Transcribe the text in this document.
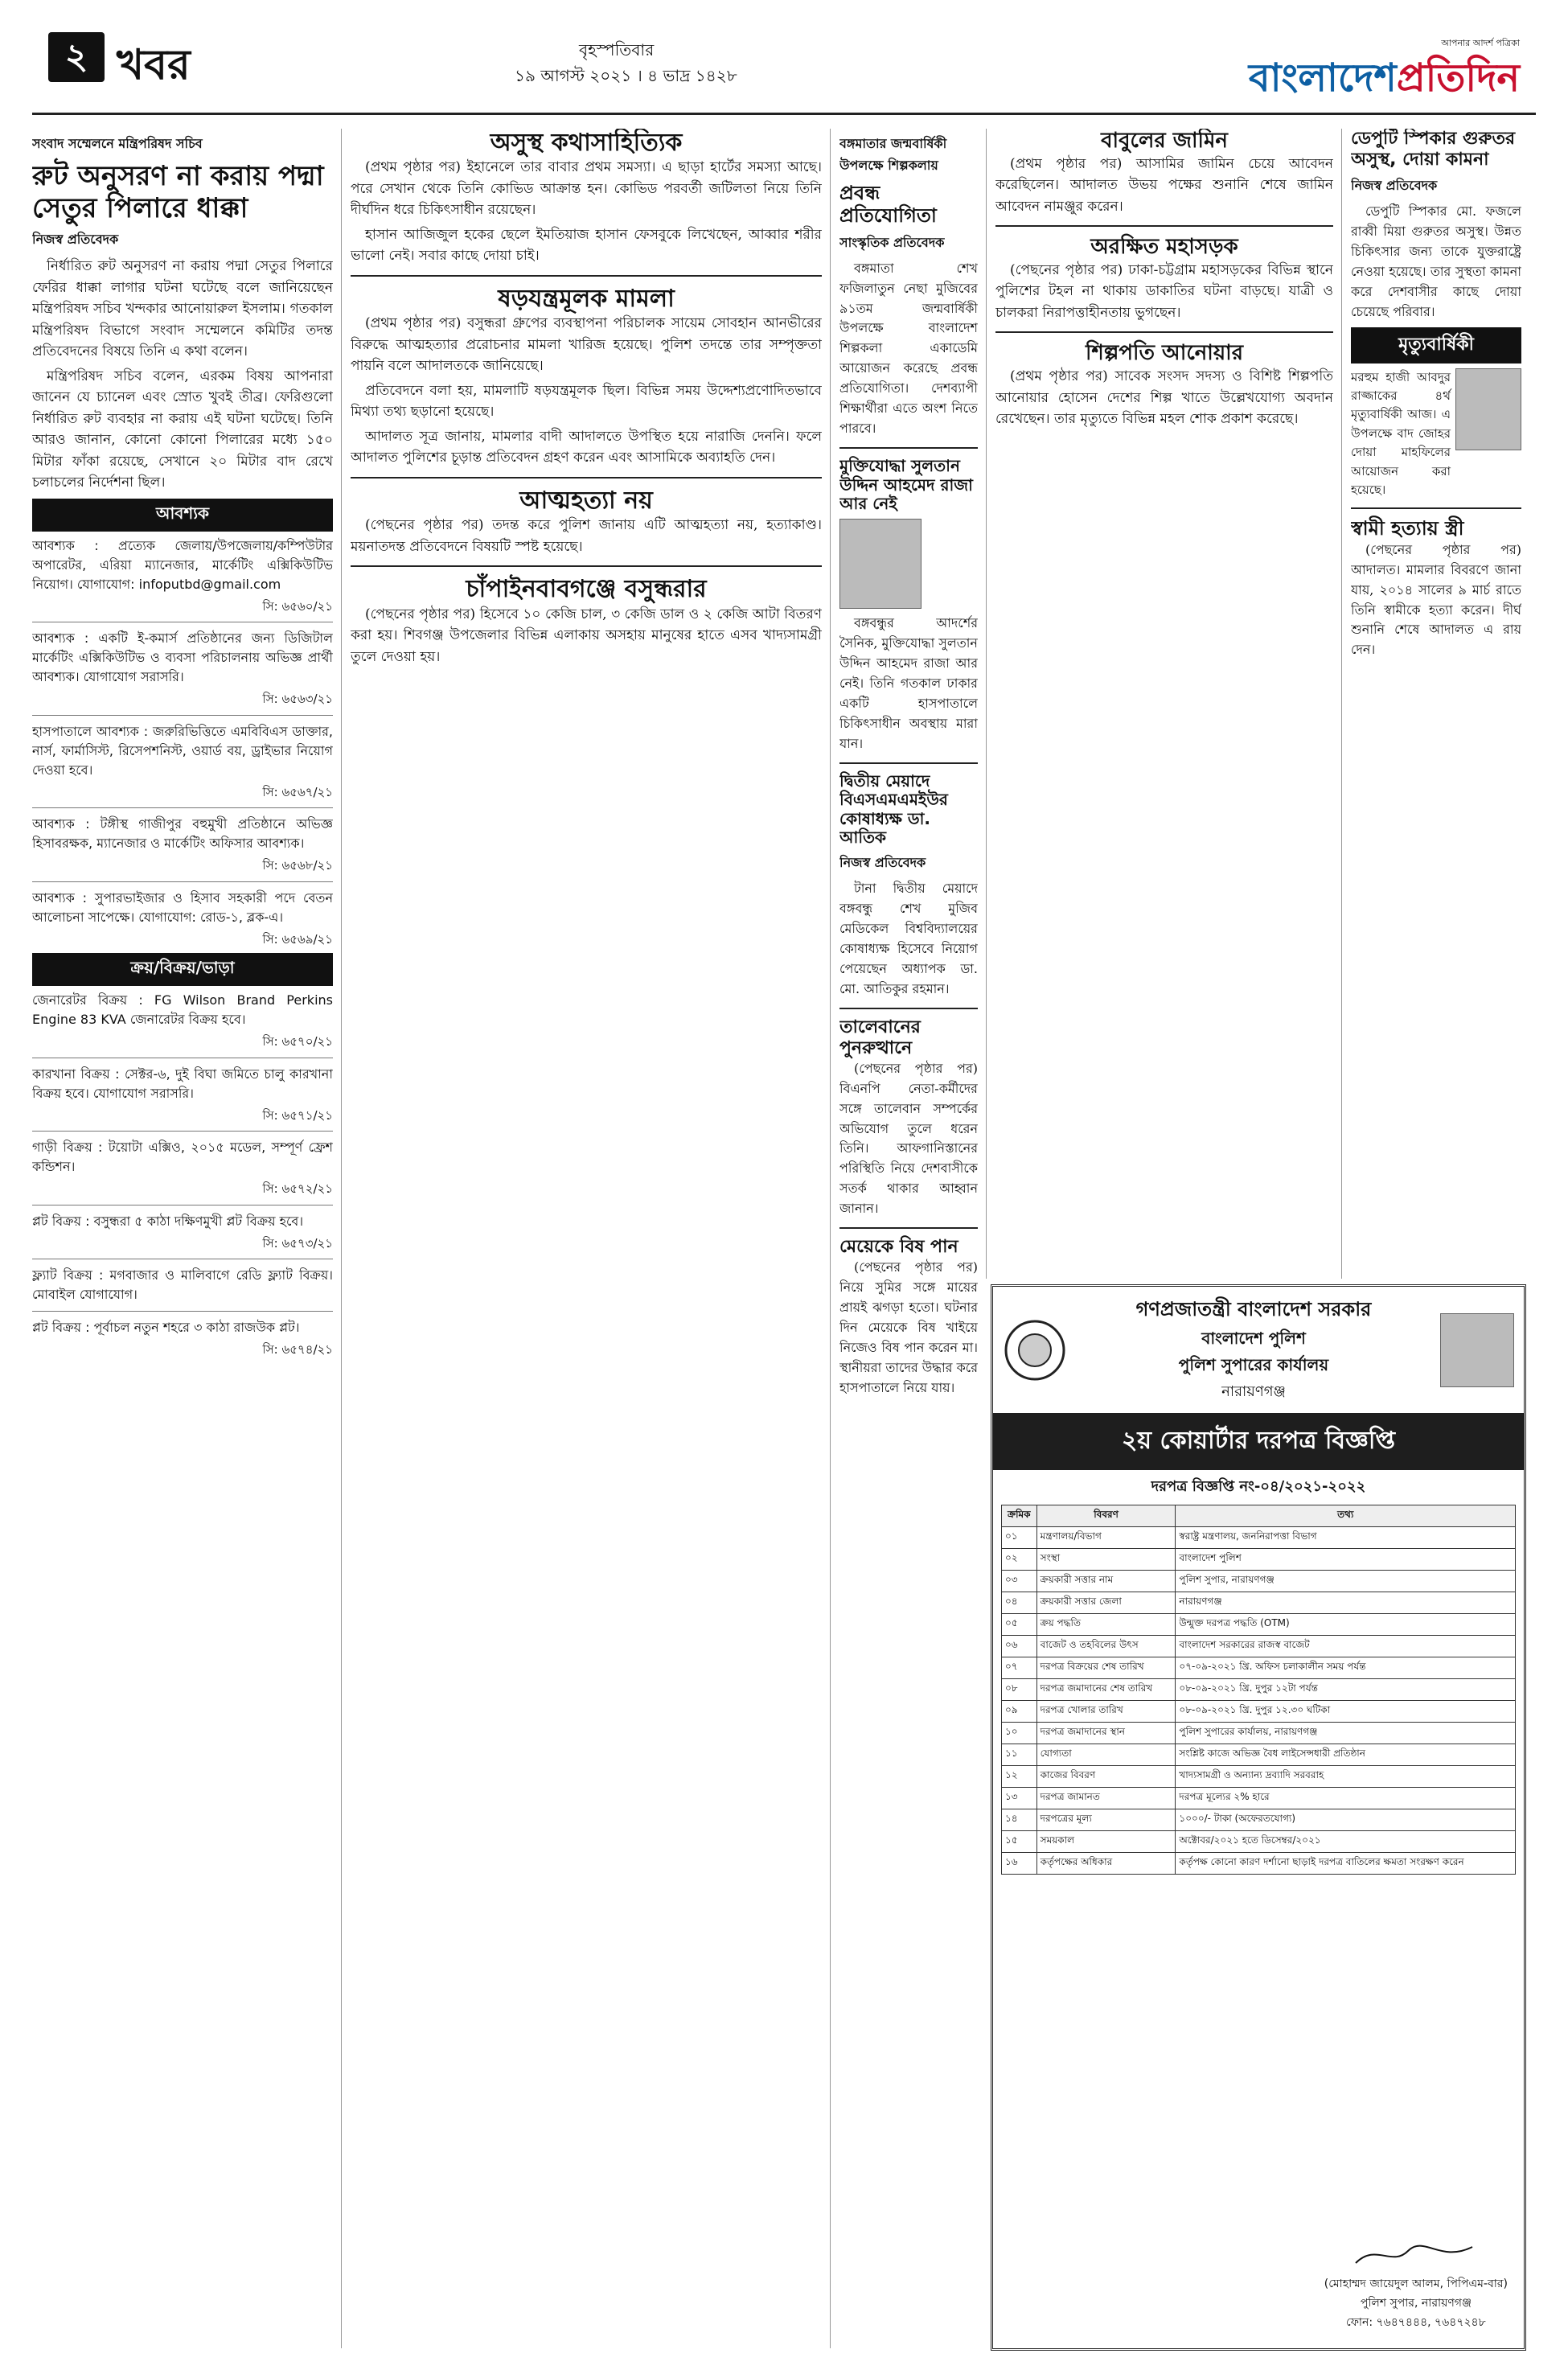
২ খবর	বৃহস্পতিবার
১৯ আগস্ট ২০২১ । ৪ ভাদ্র ১৪২৮
আপনার আদর্শ পত্রিকা
বাংলাদেশপ্রতিদিন
সংবাদ সম্মেলনে মন্ত্রিপরিষদ সচিব
রুট অনুসরণ না করায় পদ্মা সেতুর পিলারে ধাক্কা
নিজস্ব প্রতিবেদক

নির্ধারিত রুট অনুসরণ না করায় পদ্মা সেতুর পিলারে ফেরির ধাক্কা লাগার ঘটনা ঘটেছে বলে জানিয়েছেন মন্ত্রিপরিষদ সচিব খন্দকার আনোয়ারুল ইসলাম। গতকাল মন্ত্রিপরিষদ বিভাগে সংবাদ সম্মেলনে কমিটির তদন্ত প্রতিবেদনের বিষয়ে তিনি এ কথা বলেন।

মন্ত্রিপরিষদ সচিব বলেন, এরকম বিষয় আপনারা জানেন যে চ্যানেল এবং স্রোত খুবই তীব্র। ফেরিগুলো নির্ধারিত রুট ব্যবহার না করায় এই ঘটনা ঘটেছে। তিনি আরও জানান, কোনো কোনো পিলারের মধ্যে ১৫০ মিটার ফাঁকা রয়েছে, সেখানে ২০ মিটার বাদ রেখে চলাচলের নির্দেশনা ছিল।

আবশ্যক
আবশ্যক : প্রত্যেক জেলায়/উপজেলায়/কম্পিউটার অপারেটর, এরিয়া ম্যানেজার, মার্কেটিং এক্সিকিউটিভ নিয়োগ। যোগাযোগ: infoputbd@gmail.com
সি: ৬৫৬০/২১
আবশ্যক : একটি ই-কমার্স প্রতিষ্ঠানের জন্য ডিজিটাল মার্কেটিং এক্সিকিউটিভ ও ব্যবসা পরিচালনায় অভিজ্ঞ প্রার্থী আবশ্যক। যোগাযোগ সরাসরি।
সি: ৬৫৬৩/২১
হাসপাতালে আবশ্যক : জরুরিভিত্তিতে এমবিবিএস ডাক্তার, নার্স, ফার্মাসিস্ট, রিসেপশনিস্ট, ওয়ার্ড বয়, ড্রাইভার নিয়োগ দেওয়া হবে।
সি: ৬৫৬৭/২১
আবশ্যক : টঙ্গীস্থ গাজীপুর বহুমুখী প্রতিষ্ঠানে অভিজ্ঞ হিসাবরক্ষক, ম্যানেজার ও মার্কেটিং অফিসার আবশ্যক।
সি: ৬৫৬৮/২১
আবশ্যক : সুপারভাইজার ও হিসাব সহকারী পদে বেতন আলোচনা সাপেক্ষে। যোগাযোগ: রোড-১, ব্লক-এ।
সি: ৬৫৬৯/২১
ক্রয়/বিক্রয়/ভাড়া
জেনারেটর বিক্রয় : FG Wilson Brand Perkins Engine 83 KVA জেনারেটর বিক্রয় হবে।
সি: ৬৫৭০/২১
কারখানা বিক্রয় : সেক্টর-৬, দুই বিঘা জমিতে চালু কারখানা বিক্রয় হবে। যোগাযোগ সরাসরি।
সি: ৬৫৭১/২১
গাড়ী বিক্রয় : টয়োটা এক্সিও, ২০১৫ মডেল, সম্পূর্ণ ফ্রেশ কন্ডিশন।
সি: ৬৫৭২/২১
প্লট বিক্রয় : বসুন্ধরা ৫ কাঠা দক্ষিণমুখী প্লট বিক্রয় হবে।
সি: ৬৫৭৩/২১
ফ্ল্যাট বিক্রয় : মগবাজার ও মালিবাগে রেডি ফ্ল্যাট বিক্রয়। মোবাইল যোগাযোগ।
প্লট বিক্রয় : পূর্বাচল নতুন শহরে ৩ কাঠা রাজউক প্লট।
সি: ৬৫৭৪/২১
অসুস্থ কথাসাহিত্যিক

(প্রথম পৃষ্ঠার পর) ইহানেলে তার বাবার প্রথম সমস্যা। এ ছাড়া হার্টের সমস্যা আছে। পরে সেখান থেকে তিনি কোভিড আক্রান্ত হন। কোভিড পরবর্তী জটিলতা নিয়ে তিনি দীর্ঘদিন ধরে চিকিৎসাধীন রয়েছেন।

হাসান আজিজুল হকের ছেলে ইমতিয়াজ হাসান ফেসবুকে লিখেছেন, আব্বার শরীর ভালো নেই। সবার কাছে দোয়া চাই।

ষড়যন্ত্রমূলক মামলা

(প্রথম পৃষ্ঠার পর) বসুন্ধরা গ্রুপের ব্যবস্থাপনা পরিচালক সায়েম সোবহান আনভীরের বিরুদ্ধে আত্মহত্যার প্ররোচনার মামলা খারিজ হয়েছে। পুলিশ তদন্তে তার সম্পৃক্ততা পায়নি বলে আদালতকে জানিয়েছে।

প্রতিবেদনে বলা হয়, মামলাটি ষড়যন্ত্রমূলক ছিল। বিভিন্ন সময় উদ্দেশ্যপ্রণোদিতভাবে মিথ্যা তথ্য ছড়ানো হয়েছে।

আদালত সূত্র জানায়, মামলার বাদী আদালতে উপস্থিত হয়ে নারাজি দেননি। ফলে আদালত পুলিশের চূড়ান্ত প্রতিবেদন গ্রহণ করেন এবং আসামিকে অব্যাহতি দেন।

আত্মহত্যা নয়

(পেছনের পৃষ্ঠার পর) তদন্ত করে পুলিশ জানায় এটি আত্মহত্যা নয়, হত্যাকাণ্ড। ময়নাতদন্ত প্রতিবেদনে বিষয়টি স্পষ্ট হয়েছে।

চাঁপাইনবাবগঞ্জে বসুন্ধরার

(পেছনের পৃষ্ঠার পর) হিসেবে ১০ কেজি চাল, ৩ কেজি ডাল ও ২ কেজি আটা বিতরণ করা হয়। শিবগঞ্জ উপজেলার বিভিন্ন এলাকায় অসহায় মানুষের হাতে এসব খাদ্যসামগ্রী তুলে দেওয়া হয়।

বঙ্গমাতার জন্মবার্ষিকী উপলক্ষে শিল্পকলায়
প্রবন্ধ প্রতিযোগিতা
সাংস্কৃতিক প্রতিবেদক

বঙ্গমাতা শেখ ফজিলাতুন নেছা মুজিবের ৯১তম জন্মবার্ষিকী উপলক্ষে বাংলাদেশ শিল্পকলা একাডেমি আয়োজন করেছে প্রবন্ধ প্রতিযোগিতা। দেশব্যাপী শিক্ষার্থীরা এতে অংশ নিতে পারবে।

মুক্তিযোদ্ধা সুলতান উদ্দিন আহমেদ রাজা আর নেই

বঙ্গবন্ধুর আদর্শের সৈনিক, মুক্তিযোদ্ধা সুলতান উদ্দিন আহমেদ রাজা আর নেই। তিনি গতকাল ঢাকার একটি হাসপাতালে চিকিৎসাধীন অবস্থায় মারা যান।

দ্বিতীয় মেয়াদে বিএসএমএমইউর কোষাধ্যক্ষ ডা. আতিক
নিজস্ব প্রতিবেদক

টানা দ্বিতীয় মেয়াদে বঙ্গবন্ধু শেখ মুজিব মেডিকেল বিশ্ববিদ্যালয়ের কোষাধ্যক্ষ হিসেবে নিয়োগ পেয়েছেন অধ্যাপক ডা. মো. আতিকুর রহমান।

তালেবানের পুনরুত্থানে

(পেছনের পৃষ্ঠার পর) বিএনপি নেতা-কর্মীদের সঙ্গে তালেবান সম্পর্কের অভিযোগ তুলে ধরেন তিনি। আফগানিস্তানের পরিস্থিতি নিয়ে দেশবাসীকে সতর্ক থাকার আহ্বান জানান।

মেয়েকে বিষ পান

(পেছনের পৃষ্ঠার পর) নিয়ে সুমির সঙ্গে মায়ের প্রায়ই ঝগড়া হতো। ঘটনার দিন মেয়েকে বিষ খাইয়ে নিজেও বিষ পান করেন মা। স্থানীয়রা তাদের উদ্ধার করে হাসপাতালে নিয়ে যায়।

বাবুলের জামিন

(প্রথম পৃষ্ঠার পর) আসামির জামিন চেয়ে আবেদন করেছিলেন। আদালত উভয় পক্ষের শুনানি শেষে জামিন আবেদন নামঞ্জুর করেন।

অরক্ষিত মহাসড়ক

(পেছনের পৃষ্ঠার পর) ঢাকা-চট্টগ্রাম মহাসড়কের বিভিন্ন স্থানে পুলিশের টহল না থাকায় ডাকাতির ঘটনা বাড়ছে। যাত্রী ও চালকরা নিরাপত্তাহীনতায় ভুগছেন।

শিল্পপতি আনোয়ার

(প্রথম পৃষ্ঠার পর) সাবেক সংসদ সদস্য ও বিশিষ্ট শিল্পপতি আনোয়ার হোসেন দেশের শিল্প খাতে উল্লেখযোগ্য অবদান রেখেছেন। তার মৃত্যুতে বিভিন্ন মহল শোক প্রকাশ করেছে।

ডেপুটি স্পিকার গুরুতর অসুস্থ, দোয়া কামনা
নিজস্ব প্রতিবেদক

ডেপুটি স্পিকার মো. ফজলে রাব্বী মিয়া গুরুতর অসুস্থ। উন্নত চিকিৎসার জন্য তাকে যুক্তরাষ্ট্রে নেওয়া হয়েছে। তার সুস্থতা কামনা করে দেশবাসীর কাছে দোয়া চেয়েছে পরিবার।

মৃত্যুবার্ষিকী
মরহুম হাজী আবদুর রাজ্জাকের ৪র্থ মৃত্যুবার্ষিকী আজ। এ উপলক্ষে বাদ জোহর দোয়া মাহফিলের আয়োজন করা হয়েছে।
স্বামী হত্যায় স্ত্রী

(পেছনের পৃষ্ঠার পর) আদালত। মামলার বিবরণে জানা যায়, ২০১৪ সালের ৯ মার্চ রাতে তিনি স্বামীকে হত্যা করেন। দীর্ঘ শুনানি শেষে আদালত এ রায় দেন।

গণপ্রজাতন্ত্রী বাংলাদেশ সরকার
বাংলাদেশ পুলিশ
পুলিশ সুপারের কার্যালয়
নারায়ণগঞ্জ
২য় কোয়ার্টার দরপত্র বিজ্ঞপ্তি
দরপত্র বিজ্ঞপ্তি নং-০৪/২০২১-২০২২
ক্রমিক	বিবরণ	তথ্য
০১	মন্ত্রণালয়/বিভাগ	স্বরাষ্ট্র মন্ত্রণালয়, জননিরাপত্তা বিভাগ
০২	সংস্থা	বাংলাদেশ পুলিশ
০৩	ক্রয়কারী সত্তার নাম	পুলিশ সুপার, নারায়ণগঞ্জ
০৪	ক্রয়কারী সত্তার জেলা	নারায়ণগঞ্জ
০৫	ক্রয় পদ্ধতি	উন্মুক্ত দরপত্র পদ্ধতি (OTM)
০৬	বাজেট ও তহবিলের উৎস	বাংলাদেশ সরকারের রাজস্ব বাজেট
০৭	দরপত্র বিক্রয়ের শেষ তারিখ	০৭-০৯-২০২১ খ্রি. অফিস চলাকালীন সময় পর্যন্ত
০৮	দরপত্র জমাদানের শেষ তারিখ	০৮-০৯-২০২১ খ্রি. দুপুর ১২টা পর্যন্ত
০৯	দরপত্র খোলার তারিখ	০৮-০৯-২০২১ খ্রি. দুপুর ১২.৩০ ঘটিকা
১০	দরপত্র জমাদানের স্থান	পুলিশ সুপারের কার্যালয়, নারায়ণগঞ্জ
১১	যোগ্যতা	সংশ্লিষ্ট কাজে অভিজ্ঞ বৈধ লাইসেন্সধারী প্রতিষ্ঠান
১২	কাজের বিবরণ	খাদ্যসামগ্রী ও অন্যান্য দ্রব্যাদি সরবরাহ
১৩	দরপত্র জামানত	দরপত্র মূল্যের ২% হারে
১৪	দরপত্রের মূল্য	১০০০/- টাকা (অফেরতযোগ্য)
১৫	সময়কাল	অক্টোবর/২০২১ হতে ডিসেম্বর/২০২১
১৬	কর্তৃপক্ষের অধিকার	কর্তৃপক্ষ কোনো কারণ দর্শানো ছাড়াই দরপত্র বাতিলের ক্ষমতা সংরক্ষণ করেন
(মোহাম্মদ জায়েদুল আলম, পিপিএম-বার)
পুলিশ সুপার, নারায়ণগঞ্জ
ফোন: ৭৬৪৭৪৪৪, ৭৬৪৭২৪৮
